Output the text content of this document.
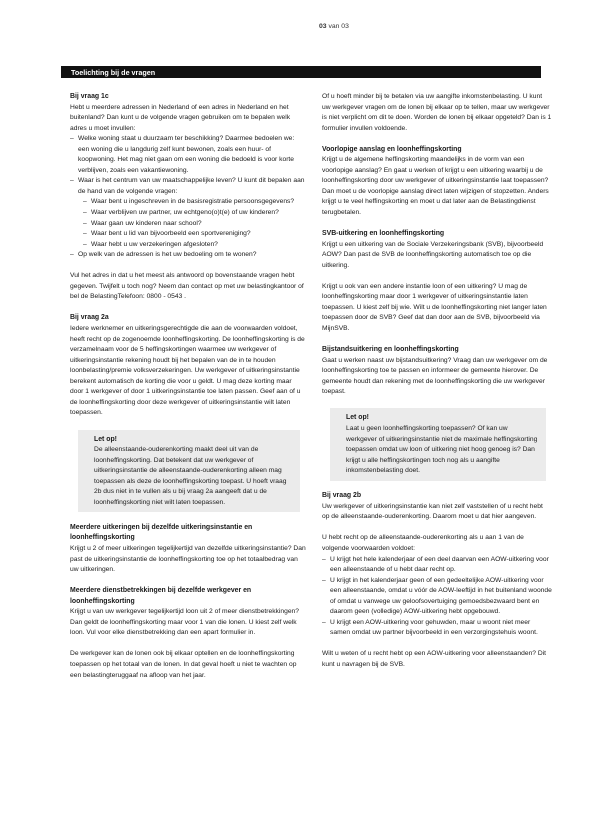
03 van 03
Toelichting bij de vragen
Bij vraag 1c

Hebt u meerdere adressen in Nederland of een adres in Nederland en het buitenland? Dan kunt u de volgende vragen gebruiken om te bepalen welk adres u moet invullen:

– Welke woning staat u duurzaam ter beschikking? Daarmee bedoelen we: een woning die u langdurig zelf kunt bewonen, zoals een huur- of koopwoning. Het mag niet gaan om een woning die bedoeld is voor korte verblijven, zoals een vakantiewoning.
– Waar is het centrum van uw maatschappelijke leven? U kunt dit bepalen aan de hand van de volgende vragen:
– Waar bent u ingeschreven in de basisregistratie persoonsgegevens?
– Waar verblijven uw partner, uw echtgeno(o)t(e) of uw kinderen?
– Waar gaan uw kinderen naar school?
– Waar bent u lid van bijvoorbeeld een sportvereniging?
– Waar hebt u uw verzekeringen afgesloten?
– Op welk van de adressen is het uw bedoeling om te wonen?

Vul het adres in dat u het meest als antwoord op bovenstaande vragen hebt gegeven. Twijfelt u toch nog? Neem dan contact op met uw belastingkantoor of bel de BelastingTelefoon: 0800 - 0543 .

Bij vraag 2a

Iedere werknemer en uitkeringsgerechtigde die aan de voorwaarden voldoet, heeft recht op de zogenoemde loonheffingskorting. De loonheffingskorting is de verzamelnaam voor de 5 heffingskortingen waarmee uw werkgever of uitkeringsinstantie rekening houdt bij het bepalen van de in te houden loonbelasting/premie volksverzekeringen. Uw werkgever of uitkeringsinstantie berekent automatisch de korting die voor u geldt. U mag deze korting maar door 1 werkgever of door 1 uitkeringsinstantie toe laten passen. Geef aan of u de loonheffingskorting door deze werkgever of uitkeringsinstantie wilt laten toepassen.

Let op!

De alleenstaande-ouderenkorting maakt deel uit van de loonheffingskorting. Dat betekent dat uw werkgever of uitkeringsinstantie de alleenstaande-ouderenkorting alleen mag toepassen als deze de loonheffingskorting toepast. U hoeft vraag 2b dus niet in te vullen als u bij vraag 2a aangeeft dat u de loonheffingskorting niet wilt laten toepassen.

Meerdere uitkeringen bij dezelfde uitkeringsinstantie en loonheffingskorting

Krijgt u 2 of meer uitkeringen tegelijkertijd van dezelfde uitkeringsinstantie? Dan past de uitkeringsinstantie de loonheffingskorting toe op het totaalbedrag van uw uitkeringen.

Meerdere dienstbetrekkingen bij dezelfde werkgever en loonheffingskorting

Krijgt u van uw werkgever tegelijkertijd loon uit 2 of meer dienstbetrekkingen? Dan geldt de loonheffingskorting maar voor 1 van die lonen. U kiest zelf welk loon. Vul voor elke dienstbetrekking dan een apart formulier in.

De werkgever kan de lonen ook bij elkaar optellen en de loonheffingskorting toepassen op het totaal van de lonen. In dat geval hoeft u niet te wachten op een belastingteruggaaf na afloop van het jaar.

Of u hoeft minder bij te betalen via uw aangifte inkomstenbelasting. U kunt uw werkgever vragen om de lonen bij elkaar op te tellen, maar uw werkgever is niet verplicht om dit te doen. Worden de lonen bij elkaar opgeteld? Dan is 1 formulier invullen voldoende.

Voorlopige aanslag en loonheffingskorting

Krijgt u de algemene heffingskorting maandelijks in de vorm van een voorlopige aanslag? En gaat u werken of krijgt u een uitkering waarbij u de loonheffingskorting door uw werkgever of uitkeringsinstantie laat toepassen? Dan moet u de voorlopige aanslag direct laten wijzigen of stopzetten. Anders krijgt u te veel heffingskorting en moet u dat later aan de Belastingdienst terugbetalen.

SVB-uitkering en loonheffingskorting

Krijgt u een uitkering van de Sociale Verzekeringsbank (SVB), bijvoorbeeld AOW? Dan past de SVB de loonheffingskorting automatisch toe op die uitkering.

Krijgt u ook van een andere instantie loon of een uitkering? U mag de loonheffingskorting maar door 1 werkgever of uitkeringsinstantie laten toepassen. U kiest zelf bij wie. Wilt u de loonheffingskorting niet langer laten toepassen door de SVB? Geef dat dan door aan de SVB, bijvoorbeeld via MijnSVB.

Bijstandsuitkering en loonheffingskorting

Gaat u werken naast uw bijstandsuitkering? Vraag dan uw werkgever om de loonheffingskorting toe te passen en informeer de gemeente hierover. De gemeente houdt dan rekening met de loonheffingskorting die uw werkgever toepast.

Let op!

Laat u geen loonheffingskorting toepassen? Of kan uw werkgever of uitkeringsinstantie niet de maximale heffingskorting toepassen omdat uw loon of uitkering niet hoog genoeg is? Dan krijgt u alle heffingskortingen toch nog als u aangifte inkomstenbelasting doet.

Bij vraag 2b

Uw werkgever of uitkeringsinstantie kan niet zelf vaststellen of u recht hebt op de alleenstaande-ouderenkorting. Daarom moet u dat hier aangeven.

U hebt recht op de alleenstaande-ouderenkorting als u aan 1 van de volgende voorwaarden voldoet:

– U krijgt het hele kalenderjaar of een deel daarvan een AOW-uitkering voor een alleenstaande of u hebt daar recht op.
– U krijgt in het kalenderjaar geen of een gedeeltelijke AOW-uitkering voor een alleenstaande, omdat u vóór de AOW-leeftijd in het buitenland woonde of omdat u vanwege uw geloofsovertuiging gemoedsbezwaard bent en daarom geen (volledige) AOW-uitkering hebt opgebouwd.
– U krijgt een AOW-uitkering voor gehuwden, maar u woont niet meer samen omdat uw partner bijvoorbeeld in een verzorgingstehuis woont.

Wilt u weten of u recht hebt op een AOW-uitkering voor alleenstaanden? Dit kunt u navragen bij de SVB.
